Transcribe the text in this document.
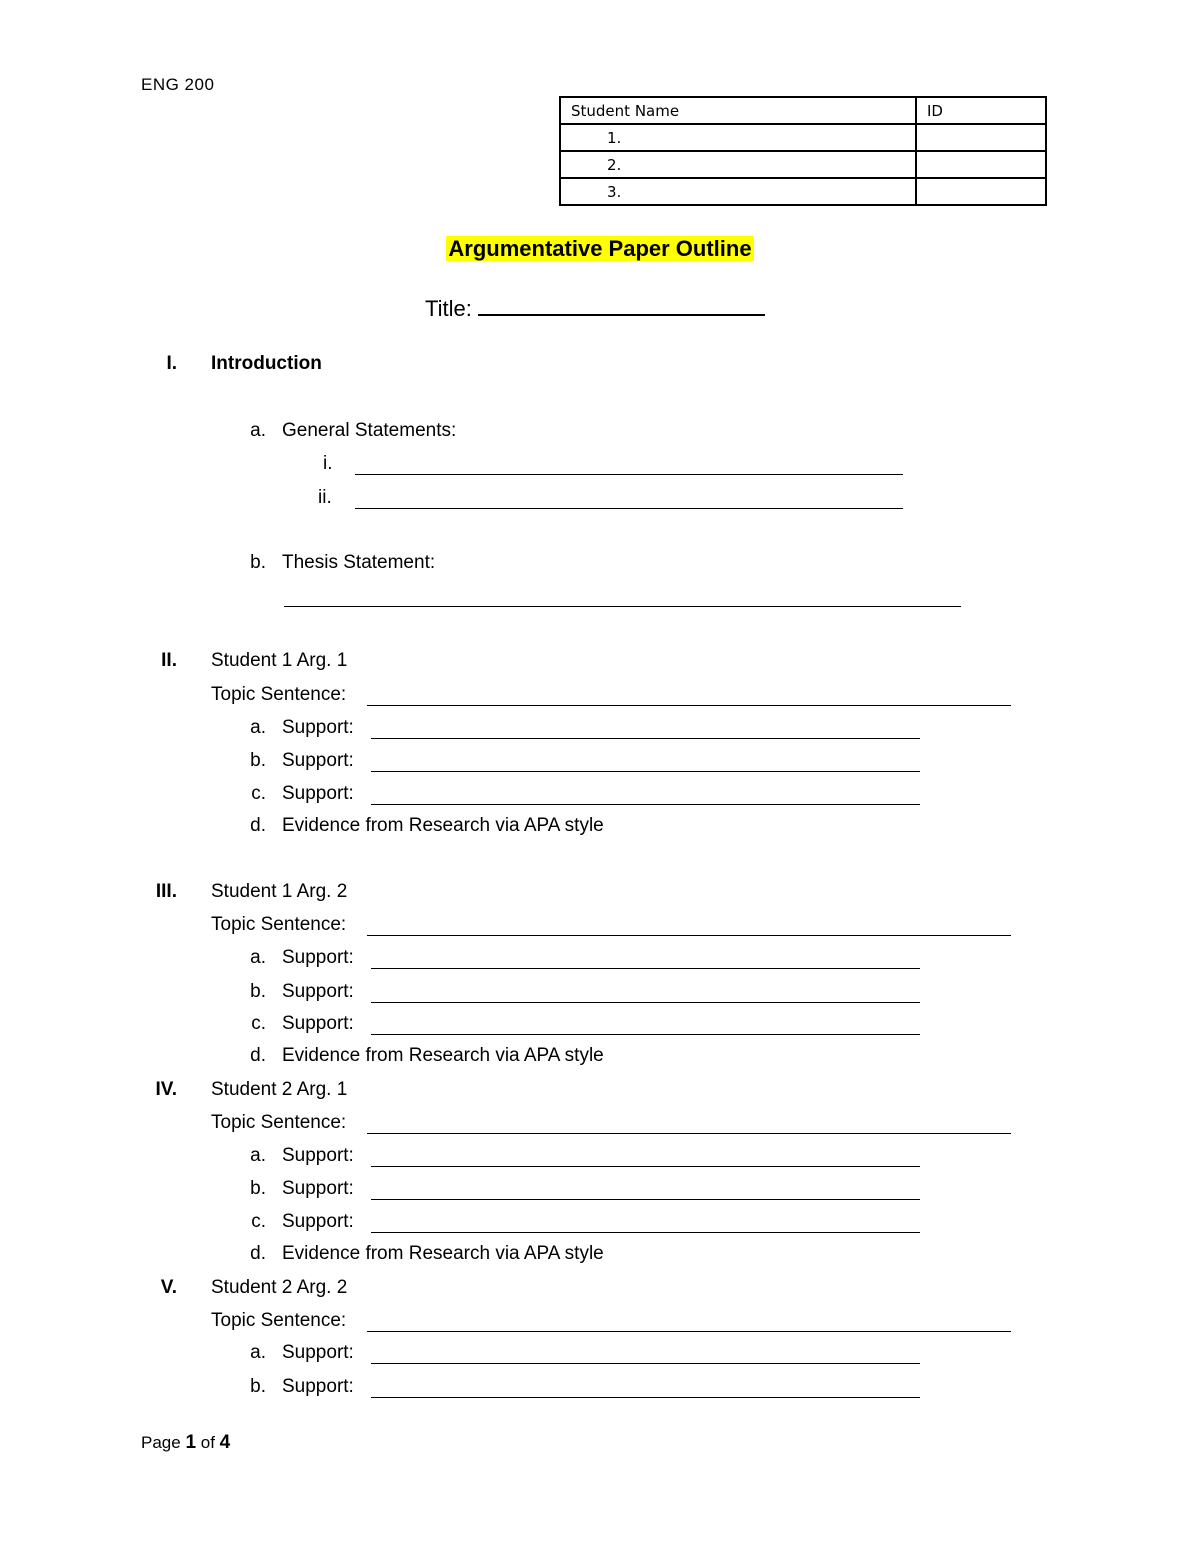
ENG 200
Student Name	ID
1.	
2.	
3.	
Argumentative Paper Outline
Title:
I. Introduction
a. General Statements:
i.
ii.
b. Thesis Statement:
II. Student 1 Arg. 1
Topic Sentence:
a. Support:
b. Support:
c. Support:
d. Evidence from Research via APA style
III. Student 1 Arg. 2
Topic Sentence:
a. Support:
b. Support:
c. Support:
d. Evidence from Research via APA style
IV. Student 2 Arg. 1
Topic Sentence:
a. Support:
b. Support:
c. Support:
d. Evidence from Research via APA style
V. Student 2 Arg. 2
Topic Sentence:
a. Support:
b. Support:
Page 1 of 4
